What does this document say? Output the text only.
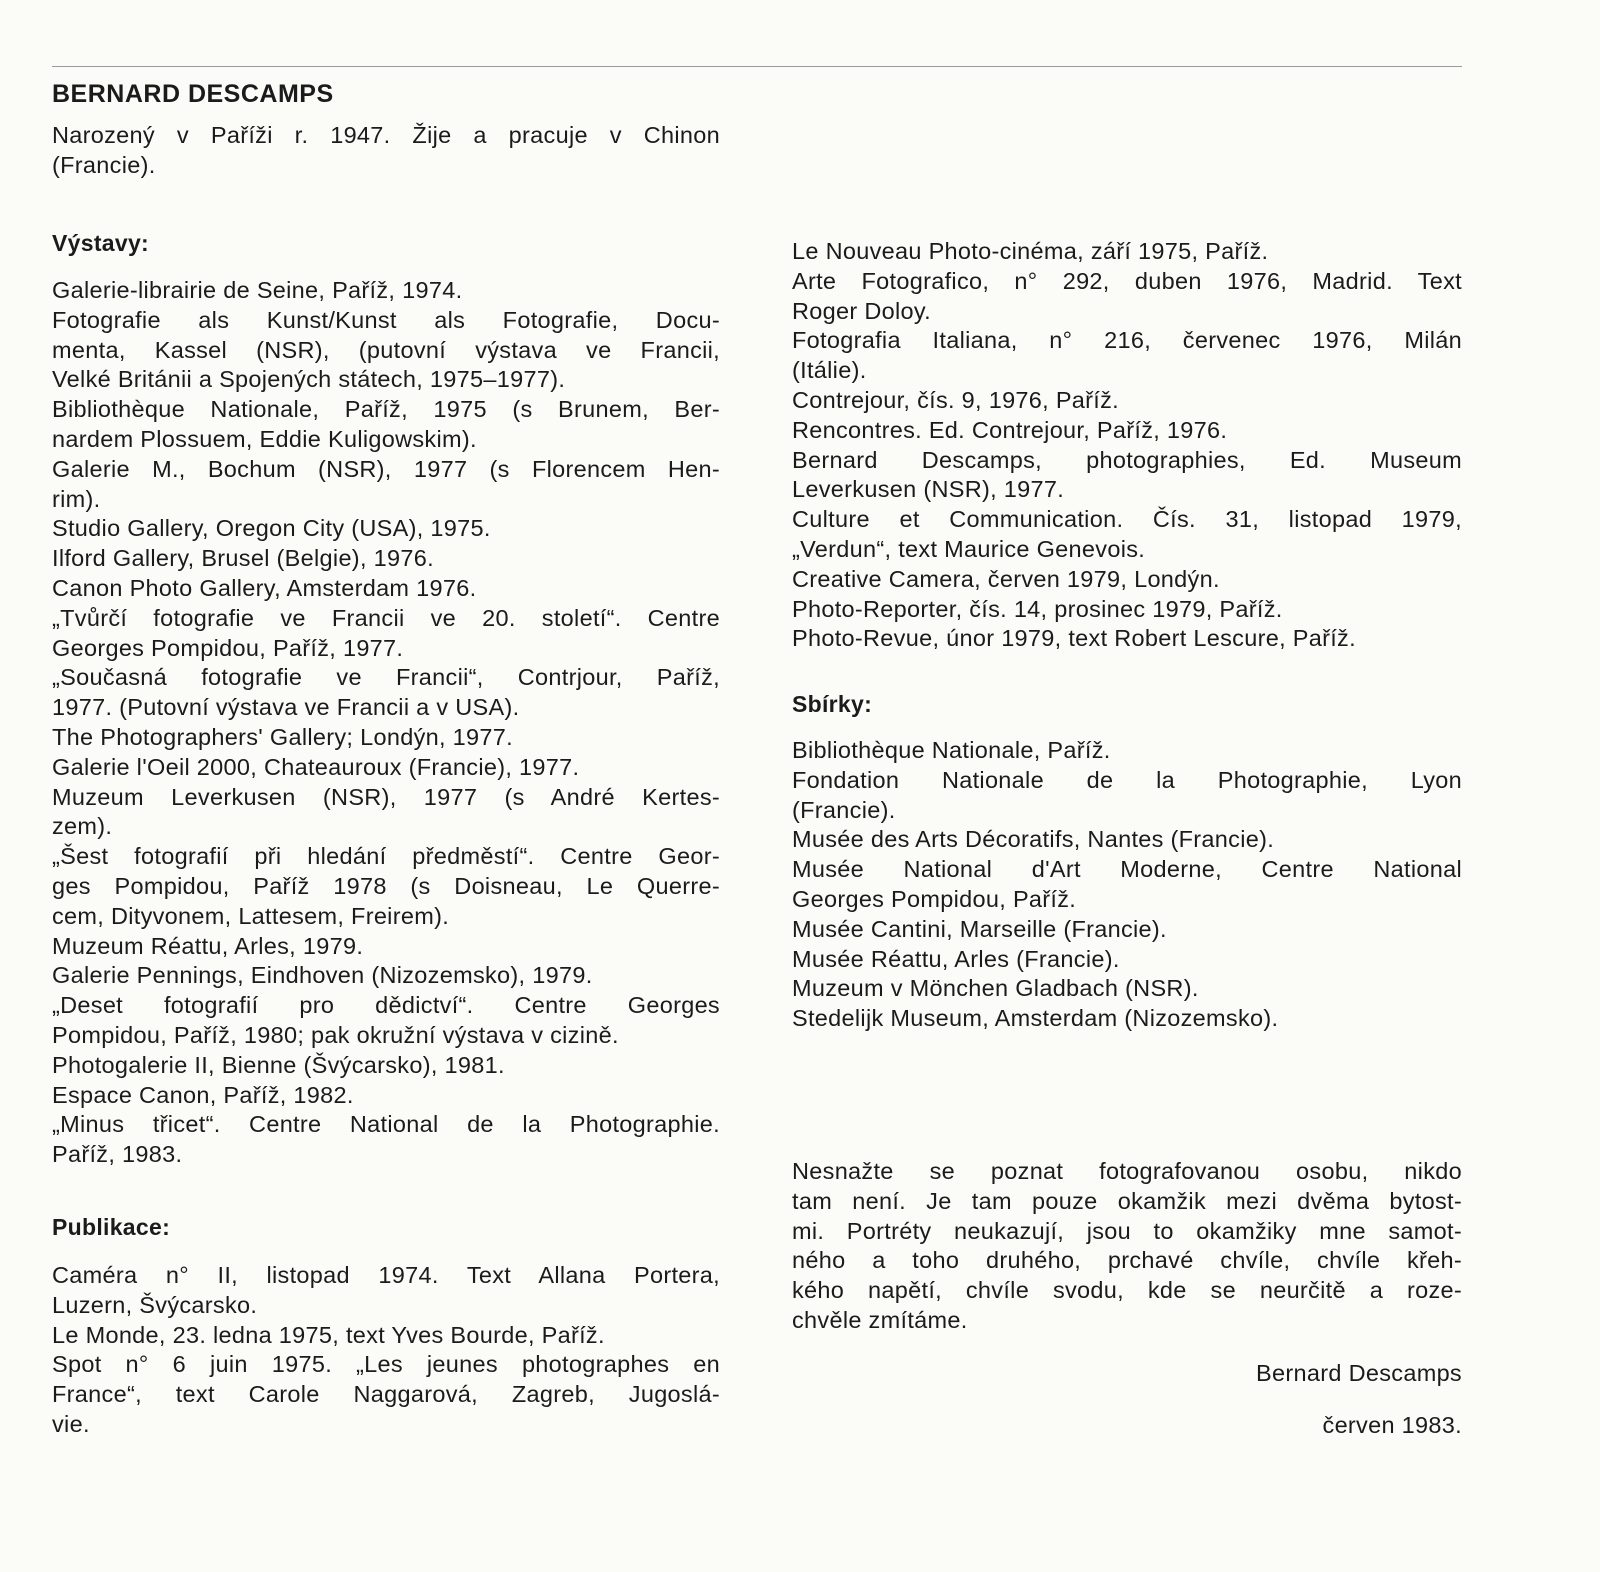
BERNARD DESCAMPS
Narozený v Paříži r. 1947. Žije a pracuje v Chinon
(Francie).
Výstavy:
Galerie-librairie de Seine, Paříž, 1974.
Fotografie als Kunst/Kunst als Fotografie, Docu-
menta, Kassel (NSR), (putovní výstava ve Francii,
Velké Británii a Spojených státech, 1975–1977).
Bibliothèque Nationale, Paříž, 1975 (s Brunem, Ber-
nardem Plossuem, Eddie Kuligowskim).
Galerie M., Bochum (NSR), 1977 (s Florencem Hen-
rim).
Studio Gallery, Oregon City (USA), 1975.
Ilford Gallery, Brusel (Belgie), 1976.
Canon Photo Gallery, Amsterdam 1976.
„Tvůrčí fotografie ve Francii ve 20. století“. Centre
Georges Pompidou, Paříž, 1977.
„Současná fotografie ve Francii“, Contrjour, Paříž,
1977. (Putovní výstava ve Francii a v USA).
The Photographers' Gallery; Londýn, 1977.
Galerie l'Oeil 2000, Chateauroux (Francie), 1977.
Muzeum Leverkusen (NSR), 1977 (s André Kertes-
zem).
„Šest fotografií při hledání předměstí“. Centre Geor-
ges Pompidou, Paříž 1978 (s Doisneau, Le Querre-
cem, Dityvonem, Lattesem, Freirem).
Muzeum Réattu, Arles, 1979.
Galerie Pennings, Eindhoven (Nizozemsko), 1979.
„Deset fotografií pro dědictví“. Centre Georges
Pompidou, Paříž, 1980; pak okružní výstava v cizině.
Photogalerie II, Bienne (Švýcarsko), 1981.
Espace Canon, Paříž, 1982.
„Minus třicet“. Centre National de la Photographie.
Paříž, 1983.
Publikace:
Caméra n° II, listopad 1974. Text Allana Portera,
Luzern, Švýcarsko.
Le Monde, 23. ledna 1975, text Yves Bourde, Paříž.
Spot n° 6 juin 1975. „Les jeunes photographes en
France“, text Carole Naggarová, Zagreb, Jugoslá-
vie.
Le Nouveau Photo-cinéma, září 1975, Paříž.
Arte Fotografico, n° 292, duben 1976, Madrid. Text
Roger Doloy.
Fotografia Italiana, n° 216, červenec 1976, Milán
(Itálie).
Contrejour, čís. 9, 1976, Paříž.
Rencontres. Ed. Contrejour, Paříž, 1976.
Bernard Descamps, photographies, Ed. Museum
Leverkusen (NSR), 1977.
Culture et Communication. Čís. 31, listopad 1979,
„Verdun“, text Maurice Genevois.
Creative Camera, červen 1979, Londýn.
Photo-Reporter, čís. 14, prosinec 1979, Paříž.
Photo-Revue, únor 1979, text Robert Lescure, Paříž.
Sbírky:
Bibliothèque Nationale, Paříž.
Fondation Nationale de la Photographie, Lyon
(Francie).
Musée des Arts Décoratifs, Nantes (Francie).
Musée National d'Art Moderne, Centre National
Georges Pompidou, Paříž.
Musée Cantini, Marseille (Francie).
Musée Réattu, Arles (Francie).
Muzeum v Mönchen Gladbach (NSR).
Stedelijk Museum, Amsterdam (Nizozemsko).
Nesnažte se poznat fotografovanou osobu, nikdo
tam není. Je tam pouze okamžik mezi dvěma bytost-
mi. Portréty neukazují, jsou to okamžiky mne samot-
ného a toho druhého, prchavé chvíle, chvíle křeh-
kého napětí, chvíle svodu, kde se neurčitě a roze-
chvěle zmítáme.
Bernard Descamps
červen 1983.
